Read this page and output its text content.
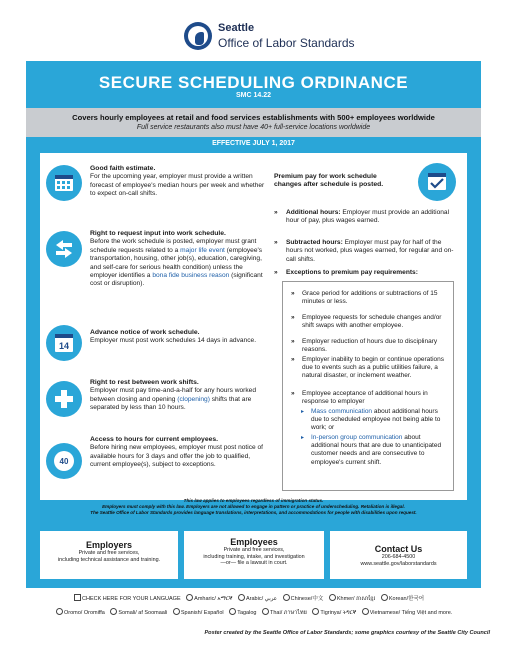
Seattle
Office of Labor Standards
SECURE SCHEDULING ORDINANCE
SMC 14.22
Covers hourly employees at retail and food services establishments with 500+ employees worldwide
Full service restaurants also must have 40+ full-service locations worldwide
EFFECTIVE JULY 1, 2017
Good faith estimate.
For the upcoming year, employer must provide a written forecast of employee's median hours per week and whether to expect on-call shifts.
Right to request input into work schedule.
Before the work schedule is posted, employer must grant schedule requests related to a major life event (employee's transportation, housing, other job(s), education, caregiving, and self-care for serious health condition) unless the employer identifies a bona fide business reason (significant cost or disruption).
14
Advance notice of work schedule.
Employer must post work schedules 14 days in advance.
Right to rest between work shifts.
Employer must pay time-and-a-half for any hours worked between closing and opening (clopening) shifts that are separated by less than 10 hours.
40
Access to hours for current employees.
Before hiring new employees, employer must post notice of available hours for 3 days and offer the job to qualified, current employee(s), subject to exceptions.
Premium pay for work schedule changes after schedule is posted.
»	Additional hours: Employer must provide an additional hour of pay, plus wages earned.
»	Subtracted hours: Employer must pay for half of the hours not worked, plus wages earned, for regular and on-call shifts.
»	Exceptions to premium pay requirements:
»	Grace period for additions or subtractions of 15 minutes or less.
»	Employee requests for schedule changes and/or shift swaps with another employee.
»	Employer reduction of hours due to disciplinary reasons.
»	Employer inability to begin or continue operations due to events such as a public utilities failure, a natural disaster, or inclement weather.
»	Employee acceptance of additional hours in response to employer
▸	Mass communication about additional hours due to scheduled employee not being able to work; or
▸	In-person group communication about additional hours that are due to unanticipated customer needs and are consecutive to employee's current shift.
This law applies to employees regardless of immigration status.
Employers must comply with this law. Employers are not allowed to engage in pattern or practice of underscheduling. Retaliation is illegal.
The Seattle Office of Labor Standards provides language translations, interpretations, and accommodations for people with disabilities upon request.
Employers
Private and free services,
including technical assistance and training.
Employees
Private and free services,
including training, intake, and investigation
—or— file a lawsuit in court.
Contact Us
206-684-4500
www.seattle.gov/laborstandards
CHECK HERE FOR YOUR LANGUAGE Amharic/ አማርኛ Arabic/ عربي Chinese/中文 Khmer/ ភាសាខ្មែរ Korean/한국어
Oromo/ Oromiffa Somali/ af Soomaali Spanish/ Español Tagalog Thai/ ภาษาไทย Tigrinya/ ትግርኛ Vietnamese/ Tiếng Việt and more.
Poster created by the Seattle Office of Labor Standards; some graphics courtesy of the Seattle City Council
